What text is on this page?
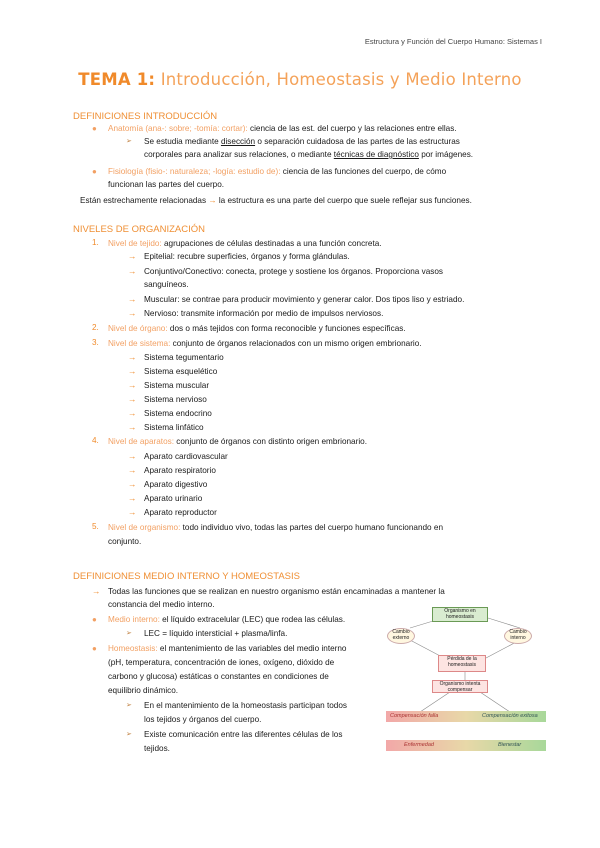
Estructura y Función del Cuerpo Humano: Sistemas I
TEMA 1: Introducción, Homeostasis y Medio Interno
DEFINICIONES INTRODUCCIÓN
● Anatomía (ana-: sobre; -tomía: cortar): ciencia de las est. del cuerpo y las relaciones entre ellas.
➢ Se estudia mediante disección o separación cuidadosa de las partes de las estructuras
corporales para analizar sus relaciones, o mediante técnicas de diagnóstico por imágenes.
● Fisiología (fisio-: naturaleza; -logía: estudio de): ciencia de las funciones del cuerpo, de cómo
funcionan las partes del cuerpo.
Están estrechamente relacionadas → la estructura es una parte del cuerpo que suele reflejar sus funciones.
NIVELES DE ORGANIZACIÓN
1. Nivel de tejido: agrupaciones de células destinadas a una función concreta.
→ Epitelial: recubre superficies, órganos y forma glándulas.
→ Conjuntivo/Conectivo: conecta, protege y sostiene los órganos. Proporciona vasos
sanguíneos.
→ Muscular: se contrae para producir movimiento y generar calor. Dos tipos liso y estriado.
→ Nervioso: transmite información por medio de impulsos nerviosos.
2. Nivel de órgano: dos o más tejidos con forma reconocible y funciones específicas.
3. Nivel de sistema: conjunto de órganos relacionados con un mismo origen embrionario.
→ Sistema tegumentario
→ Sistema esquelético
→ Sistema muscular
→ Sistema nervioso
→ Sistema endocrino
→ Sistema linfático
4. Nivel de aparatos: conjunto de órganos con distinto origen embrionario.
→ Aparato cardiovascular
→ Aparato respiratorio
→ Aparato digestivo
→ Aparato urinario
→ Aparato reproductor
5. Nivel de organismo: todo individuo vivo, todas las partes del cuerpo humano funcionando en
conjunto.
DEFINICIONES MEDIO INTERNO Y HOMEOSTASIS
→ Todas las funciones que se realizan en nuestro organismo están encaminadas a mantener la
constancia del medio interno.
● Medio interno: el líquido extracelular (LEC) que rodea las células.
➢ LEC = líquido intersticial + plasma/linfa.
● Homeostasis: el mantenimiento de las variables del medio interno
(pH, temperatura, concentración de iones, oxígeno, dióxido de
carbono y glucosa) estáticas o constantes en condiciones de
equilibrio dinámico.
➢ En el mantenimiento de la homeostasis participan todos
los tejidos y órganos del cuerpo.
➢ Existe comunicación entre las diferentes células de los
tejidos.
Organismo en homeostasis
Cambio externo
Cambio interno
Pérdida de la homeostasis
Organismo intenta compensar
Compensación falla	Compensación exitosa
Enfermedad	Bienestar
